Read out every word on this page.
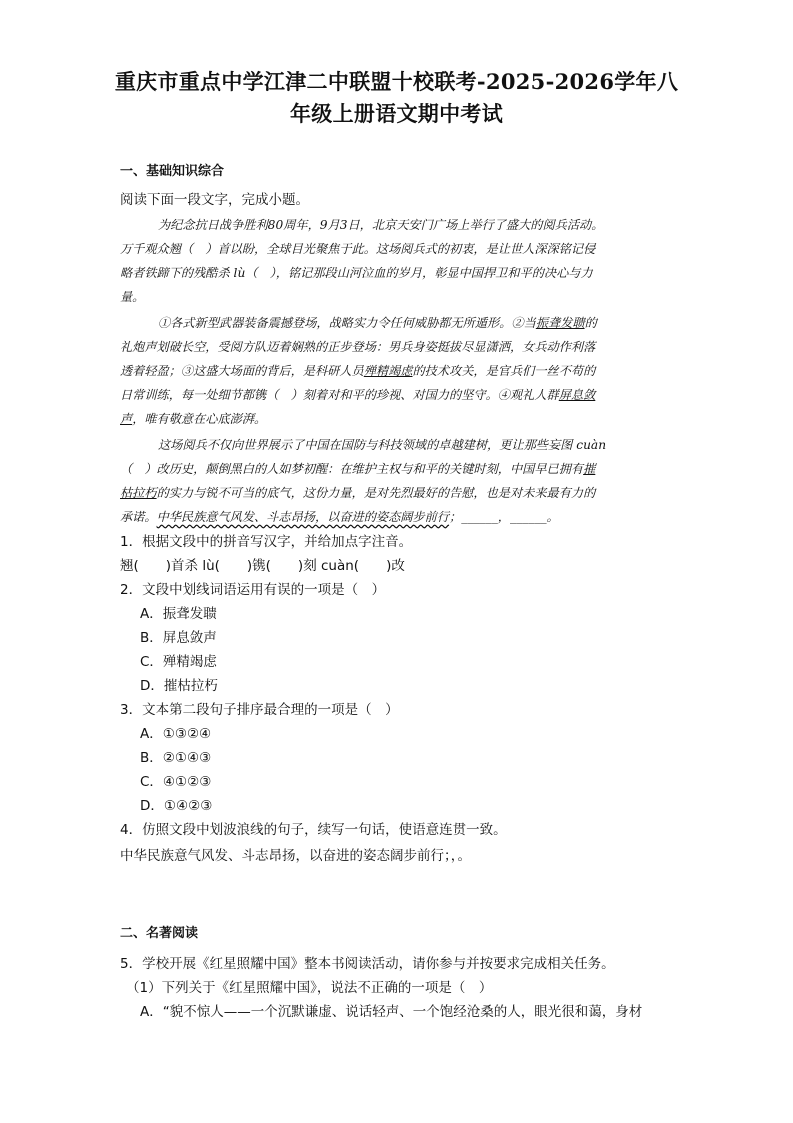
重庆市重点中学江津二中联盟十校联考-2025-2026学年八
年级上册语文期中考试
一、基础知识综合
阅读下面一段文字，完成小题。
为纪念抗日战争胜利80周年，9月3日，北京天安门广场上举行了盛大的阅兵活动。
万千观众翘（　）首以盼，全球目光聚焦于此。这场阅兵式的初衷，是让世人深深铭记侵
略者铁蹄下的残酷杀 lù（　），铭记那段山河泣血的岁月，彰显中国捍卫和平的决心与力
量。
①各式新型武器装备震撼登场，战略实力令任何威胁都无所遁形。②当振聋发聩的
礼炮声划破长空，受阅方队迈着娴熟的正步登场：男兵身姿挺拔尽显潇洒，女兵动作利落
透着轻盈；③这盛大场面的背后，是科研人员殚精竭虑的技术攻关，是官兵们一丝不苟的
日常训练，每一处细节都镌（　）刻着对和平的珍视、对国力的坚守。④观礼人群屏息敛
声，唯有敬意在心底澎湃。
这场阅兵不仅向世界展示了中国在国防与科技领域的卓越建树，更让那些妄图 cuàn
（　）改历史，颠倒黑白的人如梦初醒：在维护主权与和平的关键时刻，中国早已拥有摧
枯拉朽的实力与锐不可当的底气，这份力量，是对先烈最好的告慰，也是对未来最有力的
承诺。中华民族意气风发、斗志昂扬，以奋进的姿态阔步前行；______，______。
1．根据文段中的拼音写汉字，并给加点字注音。
翘(　　)首杀 lù(　　)镌(　　)刻 cuàn(　　)改
2．文段中划线词语运用有误的一项是（　）
A．振聋发聩
B．屏息敛声
C．殚精竭虑
D．摧枯拉朽
3．文本第二段句子排序最合理的一项是（　）
A．①③②④
B．②①④③
C．④①②③
D．①④②③
4．仿照文段中划波浪线的句子，续写一句话，使语意连贯一致。
中华民族意气风发、斗志昂扬，以奋进的姿态阔步前行；，。
二、名著阅读
5．学校开展《红星照耀中国》整本书阅读活动，请你参与并按要求完成相关任务。
（1）下列关于《红星照耀中国》，说法不正确的一项是（　）
A．“貌不惊人——一个沉默谦虚、说话轻声、一个饱经沧桑的人，眼光很和蔼，身材
